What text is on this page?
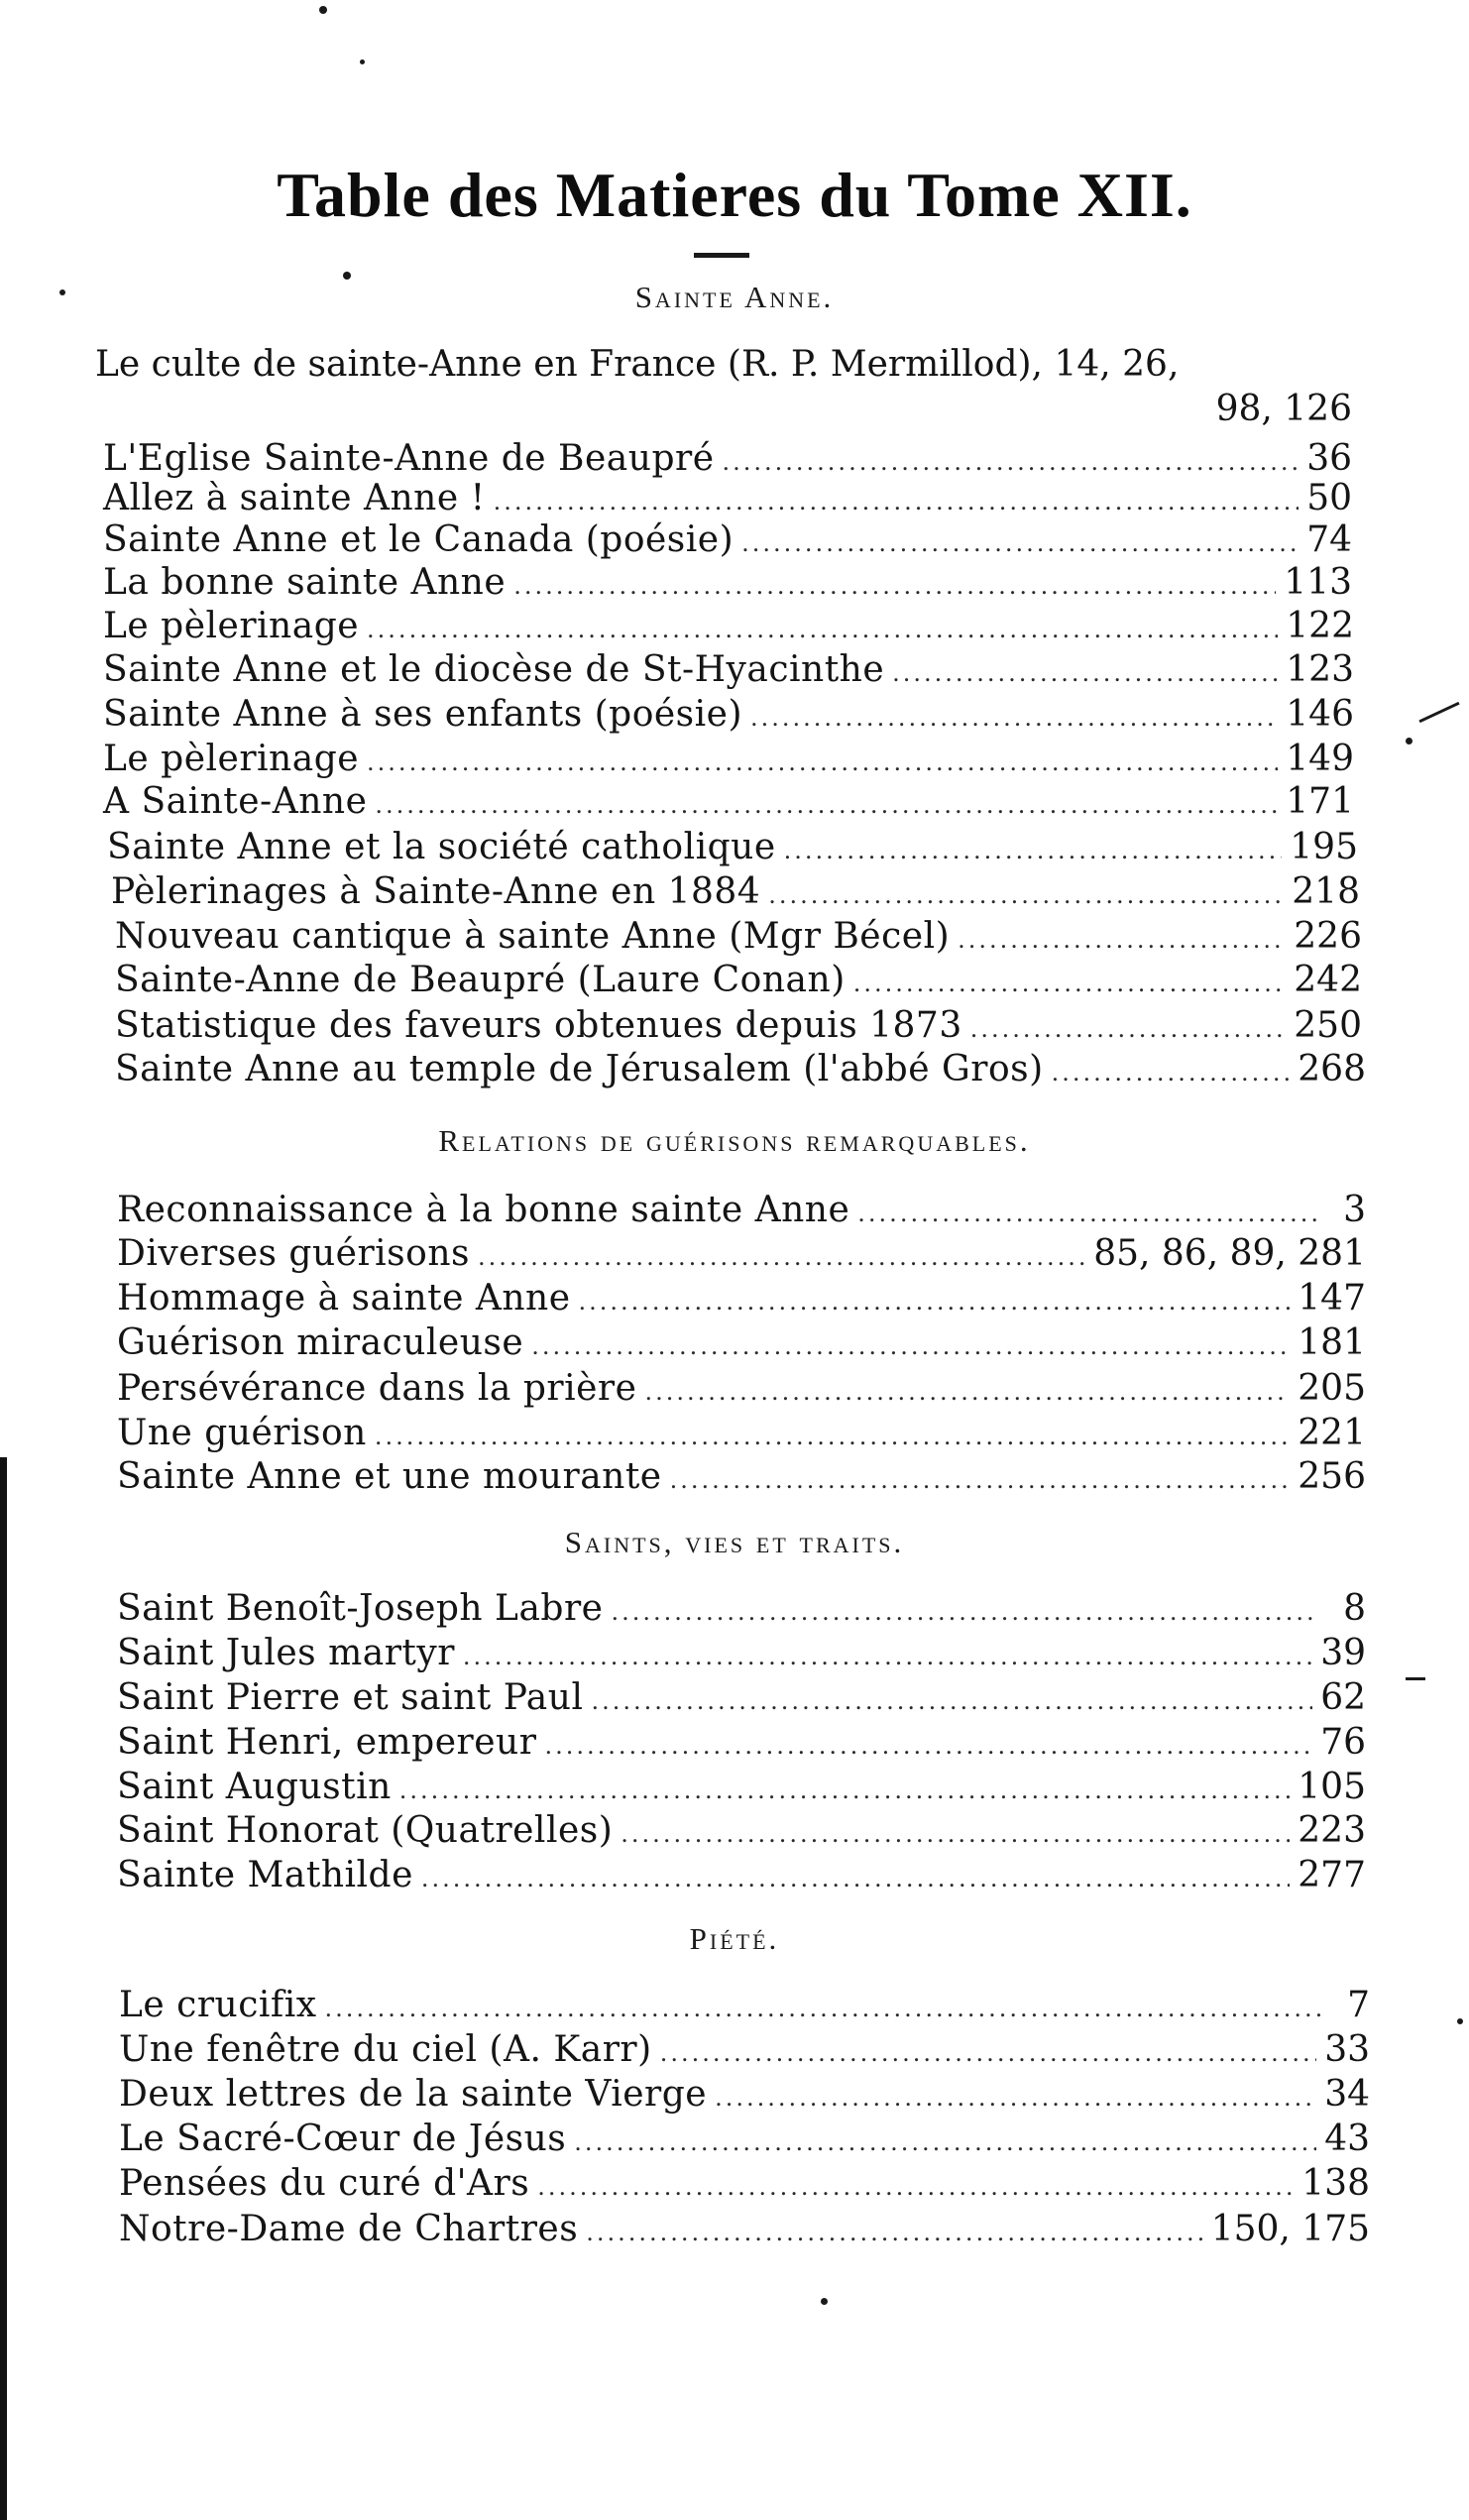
Table des Matieres du Tome XII.
Sainte Anne.
Le culte de sainte-Anne en France (R. P. Mermillod), 14, 26,
98, 126
L'Eglise Sainte-Anne de Beaupré .....	36
Allez à sainte Anne ! .....	50
Sainte Anne et le Canada (poésie) .....	74
La bonne sainte Anne .....	113
Le pèlerinage .....	122
Sainte Anne et le diocèse de St-Hyacinthe .....	123
Sainte Anne à ses enfants (poésie) .....	146
Le pèlerinage .....	149
A Sainte-Anne .....	171
Sainte Anne et la société catholique .....	195
Pèlerinages à Sainte-Anne en 1884 .....	218
Nouveau cantique à sainte Anne (Mgr Bécel) .....	226
Sainte-Anne de Beaupré (Laure Conan) .....	242
Statistique des faveurs obtenues depuis 1873 .....	250
Sainte Anne au temple de Jérusalem (l'abbé Gros) .....	268
Relations de guérisons remarquables.
Reconnaissance à la bonne sainte Anne .....	3
Diverses guérisons .....	85, 86, 89, 281
Hommage à sainte Anne .....	147
Guérison miraculeuse .....	181
Persévérance dans la prière .....	205
Une guérison .....	221
Sainte Anne et une mourante .....	256
Saints, vies et traits.
Saint Benoît-Joseph Labre .....	8
Saint Jules martyr .....	39
Saint Pierre et saint Paul .....	62
Saint Henri, empereur .....	76
Saint Augustin .....	105
Saint Honorat (Quatrelles) .....	223
Sainte Mathilde .....	277
Piété.
Le crucifix .....	7
Une fenêtre du ciel (A. Karr) .....	33
Deux lettres de la sainte Vierge .....	34
Le Sacré-Cœur de Jésus .....	43
Pensées du curé d'Ars .....	138
Notre-Dame de Chartres .....	150, 175
